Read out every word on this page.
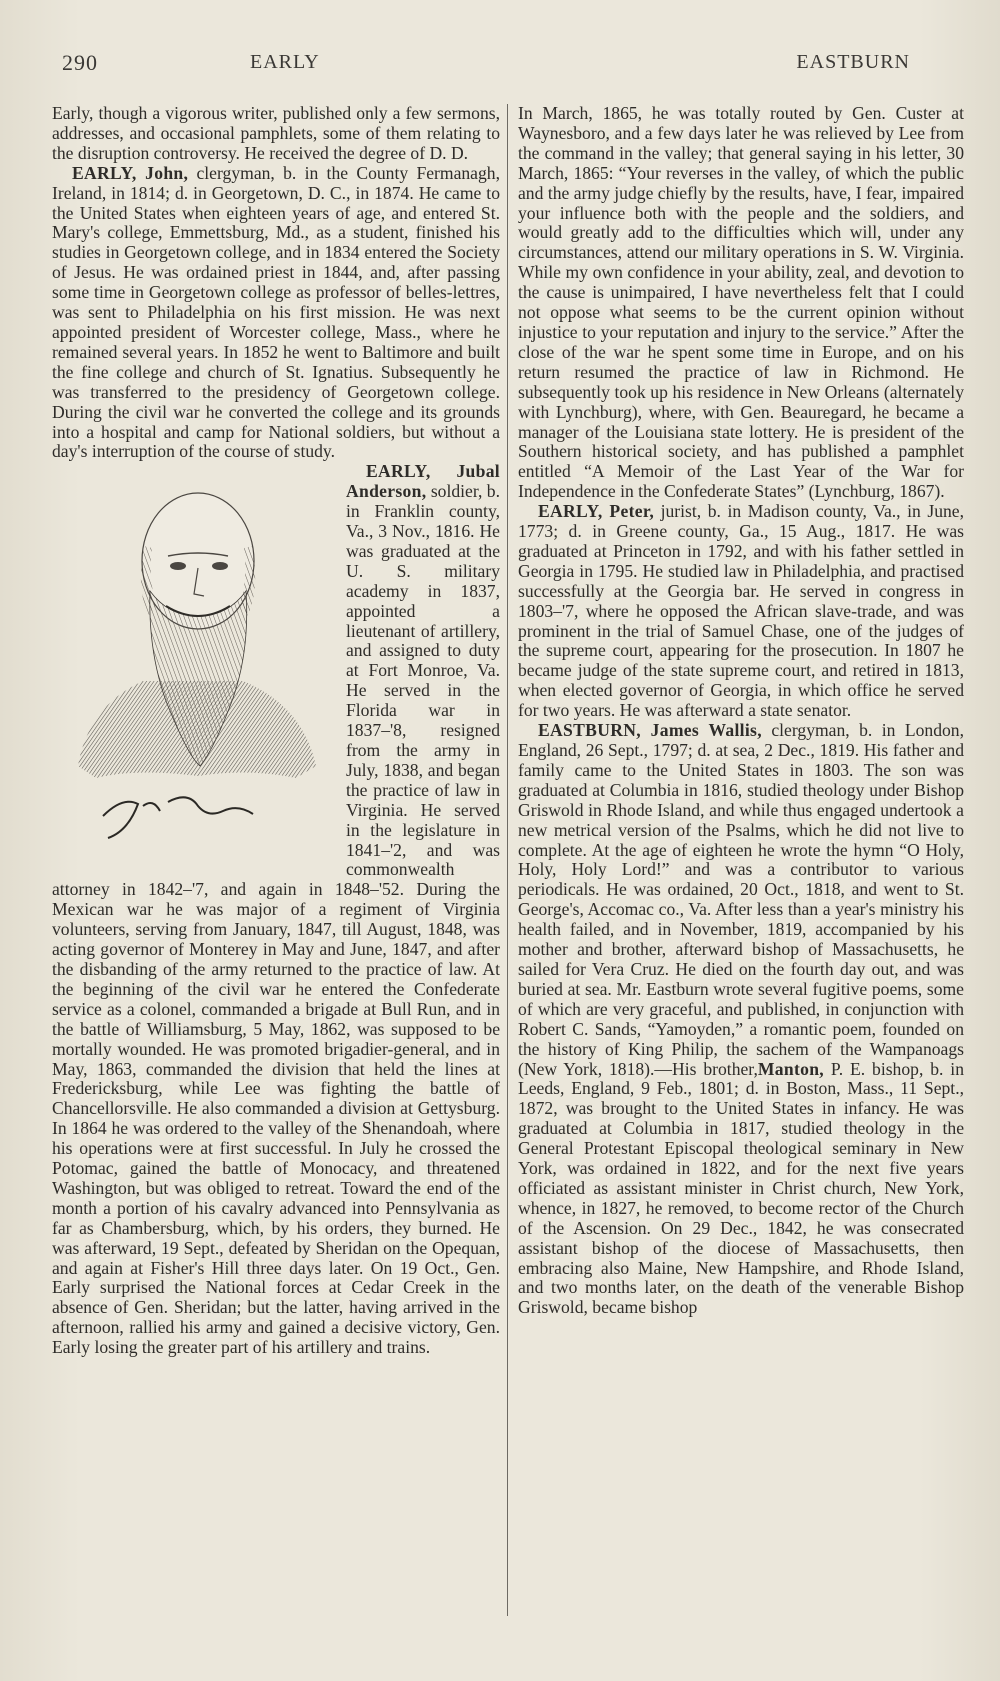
290	EARLY	EASTBURN

Early, though a vigorous writer, published only a few sermons, addresses, and occasional pamphlets, some of them relating to the disruption controversy. He received the degree of D. D.

EARLY, John, clergyman, b. in the County Fermanagh, Ireland, in 1814; d. in Georgetown, D. C., in 1874. He came to the United States when eighteen years of age, and entered St. Mary's college, Emmettsburg, Md., as a student, finished his studies in Georgetown college, and in 1834 entered the Society of Jesus. He was ordained priest in 1844, and, after passing some time in Georgetown college as professor of belles-lettres, was sent to Philadelphia on his first mission. He was next appointed president of Worcester college, Mass., where he remained several years. In 1852 he went to Baltimore and built the fine college and church of St. Ignatius. Subsequently he was transferred to the presidency of Georgetown college. During the civil war he converted the college and its grounds into a hospital and camp for National soldiers, but without a day's interruption of the course of study.

EARLY, Jubal Anderson, soldier, b. in Franklin county, Va., 3 Nov., 1816. He was graduated at the U. S. military academy in 1837, appointed a lieutenant of artillery, and assigned to duty at Fort Monroe, Va. He served in the Florida war in 1837–'8, resigned from the army in July, 1838, and began the practice of law in Virginia. He served in the legislature in 1841–'2, and was commonwealth attorney in 1842–'7, and again in 1848–'52. During the Mexican war he was major of a regiment of Virginia volunteers, serving from January, 1847, till August, 1848, was acting governor of Monterey in May and June, 1847, and after the disbanding of the army returned to the practice of law. At the beginning of the civil war he entered the Confederate service as a colonel, commanded a brigade at Bull Run, and in the battle of Williamsburg, 5 May, 1862, was supposed to be mortally wounded. He was promoted brigadier-general, and in May, 1863, commanded the division that held the lines at Fredericksburg, while Lee was fighting the battle of Chancellorsville. He also commanded a division at Gettysburg. In 1864 he was ordered to the valley of the Shenandoah, where his operations were at first successful. In July he crossed the Potomac, gained the battle of Monocacy, and threatened Washington, but was obliged to retreat. Toward the end of the month a portion of his cavalry advanced into Pennsylvania as far as Chambersburg, which, by his orders, they burned. He was afterward, 19 Sept., defeated by Sheridan on the Opequan, and again at Fisher's Hill three days later. On 19 Oct., Gen. Early surprised the National forces at Cedar Creek in the absence of Gen. Sheridan; but the latter, having arrived in the afternoon, rallied his army and gained a decisive victory, Gen. Early losing the greater part of his artillery and trains.

In March, 1865, he was totally routed by Gen. Custer at Waynesboro, and a few days later he was relieved by Lee from the command in the valley; that general saying in his letter, 30 March, 1865: “Your reverses in the valley, of which the public and the army judge chiefly by the results, have, I fear, impaired your influence both with the people and the soldiers, and would greatly add to the difficulties which will, under any circumstances, attend our military operations in S. W. Virginia. While my own confidence in your ability, zeal, and devotion to the cause is unimpaired, I have nevertheless felt that I could not oppose what seems to be the current opinion without injustice to your reputation and injury to the service.” After the close of the war he spent some time in Europe, and on his return resumed the practice of law in Richmond. He subsequently took up his residence in New Orleans (alternately with Lynchburg), where, with Gen. Beauregard, he became a manager of the Louisiana state lottery. He is president of the Southern historical society, and has published a pamphlet entitled “A Memoir of the Last Year of the War for Independence in the Confederate States” (Lynchburg, 1867).

EARLY, Peter, jurist, b. in Madison county, Va., in June, 1773; d. in Greene county, Ga., 15 Aug., 1817. He was graduated at Princeton in 1792, and with his father settled in Georgia in 1795. He studied law in Philadelphia, and practised successfully at the Georgia bar. He served in congress in 1803–'7, where he opposed the African slave-trade, and was prominent in the trial of Samuel Chase, one of the judges of the supreme court, appearing for the prosecution. In 1807 he became judge of the state supreme court, and retired in 1813, when elected governor of Georgia, in which office he served for two years. He was afterward a state senator.

EASTBURN, James Wallis, clergyman, b. in London, England, 26 Sept., 1797; d. at sea, 2 Dec., 1819. His father and family came to the United States in 1803. The son was graduated at Columbia in 1816, studied theology under Bishop Griswold in Rhode Island, and while thus engaged undertook a new metrical version of the Psalms, which he did not live to complete. At the age of eighteen he wrote the hymn “O Holy, Holy, Holy Lord!” and was a contributor to various periodicals. He was ordained, 20 Oct., 1818, and went to St. George's, Accomac co., Va. After less than a year's ministry his health failed, and in November, 1819, accompanied by his mother and brother, afterward bishop of Massachusetts, he sailed for Vera Cruz. He died on the fourth day out, and was buried at sea. Mr. Eastburn wrote several fugitive poems, some of which are very graceful, and published, in conjunction with Robert C. Sands, “Yamoyden,” a romantic poem, founded on the history of King Philip, the sachem of the Wampanoags (New York, 1818).—His brother,Manton, P. E. bishop, b. in Leeds, England, 9 Feb., 1801; d. in Boston, Mass., 11 Sept., 1872, was brought to the United States in infancy. He was graduated at Columbia in 1817, studied theology in the General Protestant Episcopal theological seminary in New York, was ordained in 1822, and for the next five years officiated as assistant minister in Christ church, New York, whence, in 1827, he removed, to become rector of the Church of the Ascension. On 29 Dec., 1842, he was consecrated assistant bishop of the diocese of Massachusetts, then embracing also Maine, New Hampshire, and Rhode Island, and two months later, on the death of the venerable Bishop Griswold, became bishop
